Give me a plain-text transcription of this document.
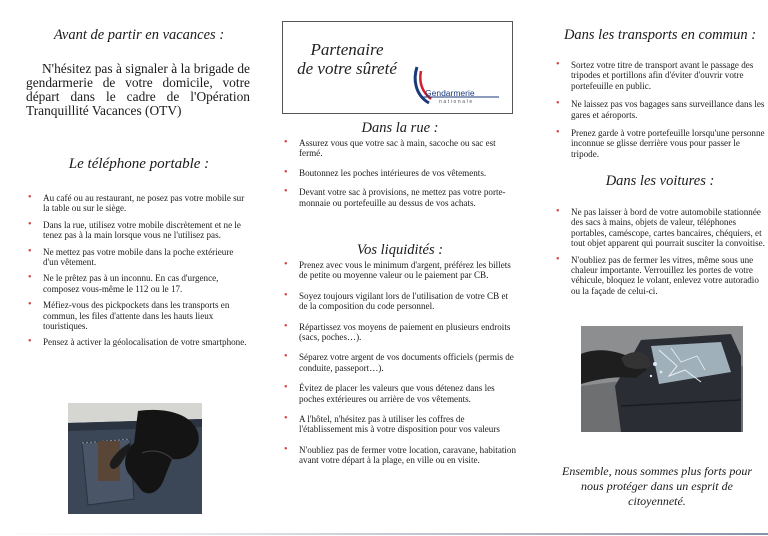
Avant de partir en vacances :

N'hésitez pas à signaler à la brigade de gendarmerie de votre domicile, votre départ dans le cadre de l'Opération Tranquillité Vacances (OTV)

Le téléphone portable :
• Au café ou au restaurant, ne posez pas votre mobile sur la table ou sur le siège.
• Dans la rue, utilisez votre mobile discrètement et ne le tenez pas à la main lorsque vous ne l'utilisez pas.
• Ne mettez pas votre mobile dans la poche extérieure d'un vêtement.
• Ne le prêtez pas à un inconnu. En cas d'urgence, composez vous-même le 112 ou le 17.
• Méfiez-vous des pickpockets dans les transports en commun, les files d'attente dans les hauts lieux touristiques.
• Pensez à activer la géolocalisation de votre smartphone.
Partenaire
de votre sûreté
Gendarmerie
nationale
Dans la rue :
• Assurez vous que votre sac à main, sacoche ou sac est fermé.
• Boutonnez les poches intérieures de vos vêtements.
• Devant votre sac à provisions, ne mettez pas votre porte-monnaie ou portefeuille au dessus de vos achats.
Vos liquidités :
• Prenez avec vous le minimum d'argent, préférez les billets de petite ou moyenne valeur ou le paiement par CB.
• Soyez toujours vigilant lors de l'utilisation de votre CB et de la composition du code personnel.
• Répartissez vos moyens de paiement en plusieurs endroits (sacs, poches…).
• Séparez votre argent de vos documents officiels (permis de conduite, passeport…).
• Évitez de placer les valeurs que vous détenez dans les poches extérieures ou arrière de vos vêtements.
• A l'hôtel, n'hésitez pas à utiliser les coffres de l'établissement mis à votre disposition pour vos valeurs
• N'oubliez pas de fermer votre location, caravane, habitation avant votre départ à la plage, en ville ou en visite.
Dans les transports en commun :
• Sortez votre titre de transport avant le passage des tripodes et portillons afin d'éviter d'ouvrir votre portefeuille en public.
• Ne laissez pas vos bagages sans surveillance dans les gares et aéroports.
• Prenez garde à votre portefeuille lorsqu'une personne inconnue se glisse derrière vous pour passer le tripode.
Dans les voitures :
• Ne pas laisser à bord de votre automobile stationnée des sacs à mains, objets de valeur, téléphones portables, caméscope, cartes bancaires, chéquiers, et tout objet apparent qui pourrait susciter la convoitise.
• N'oubliez pas de fermer les vitres, même sous une chaleur importante. Verrouillez les portes de votre véhicule, bloquez le volant, enlevez votre autoradio ou la façade de celui-ci.

Ensemble, nous sommes plus forts pour nous protéger dans un esprit de citoyenneté.
